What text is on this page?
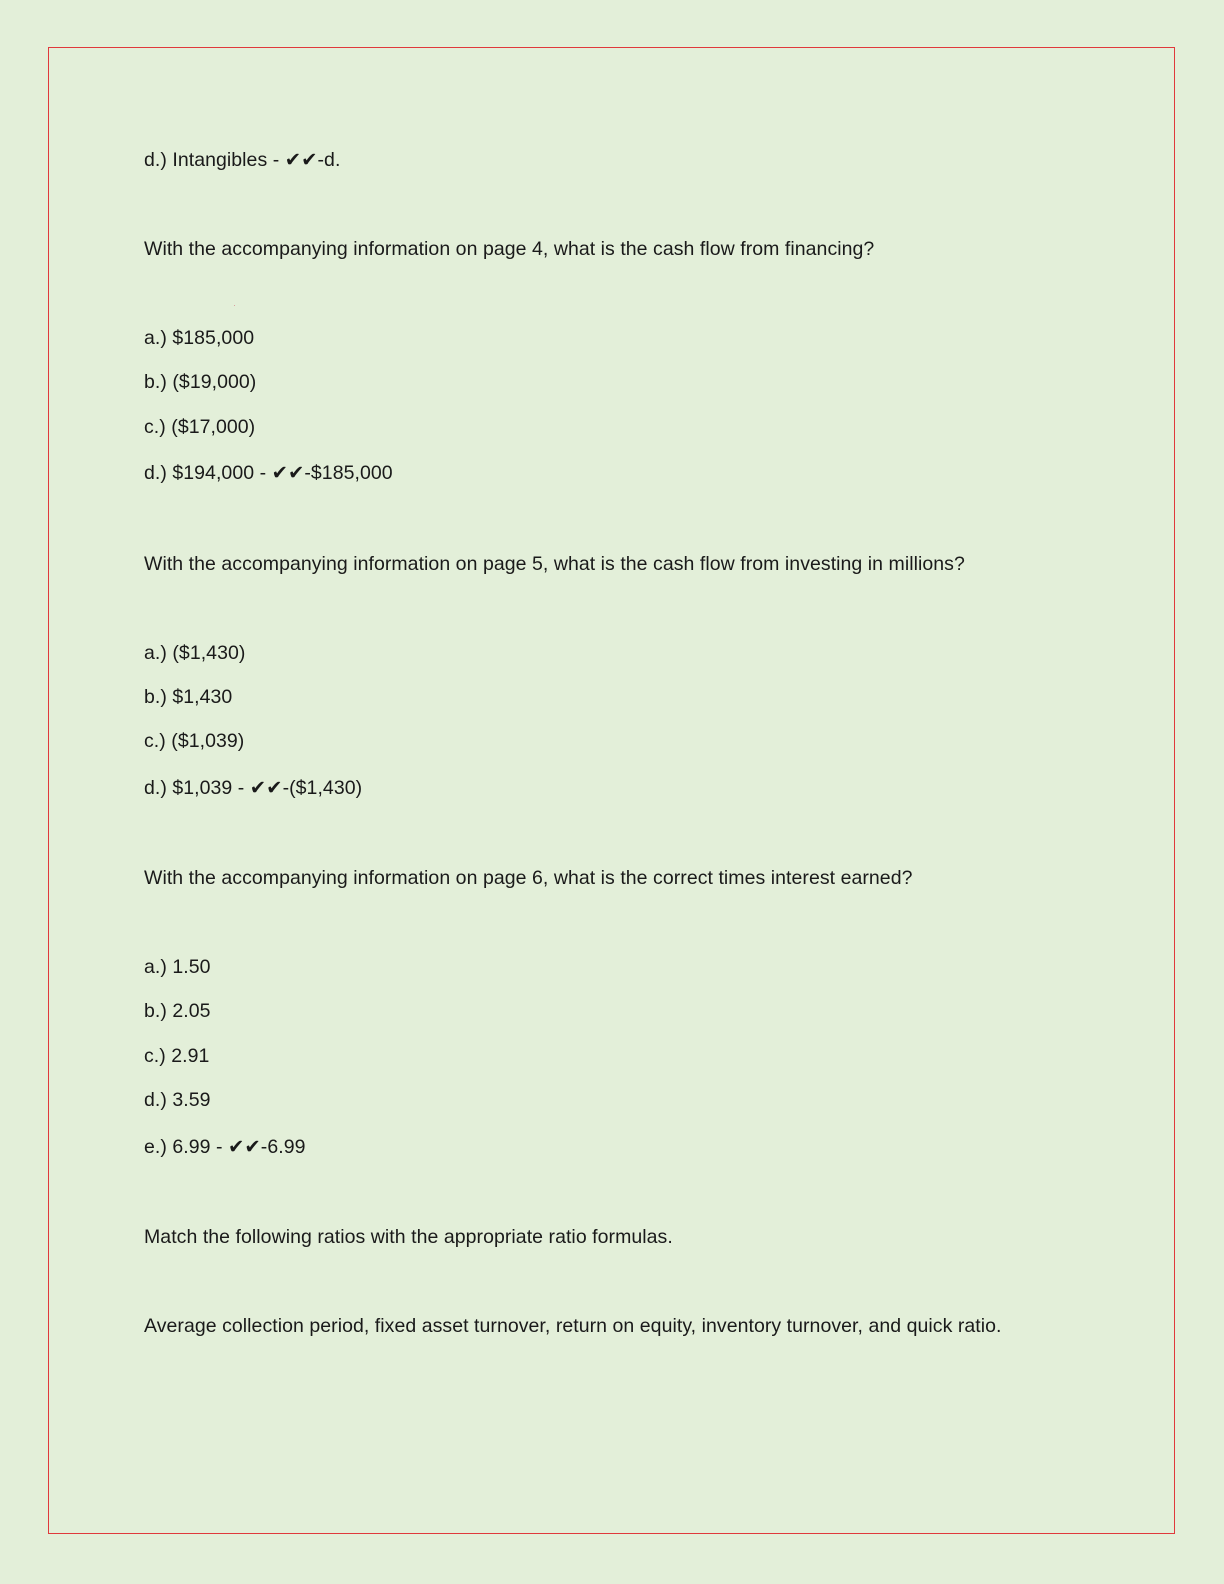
d.) Intangibles - ✔✔-d.
With the accompanying information on page 4, what is the cash flow from financing?
a.) $185,000
b.) ($19,000)
c.) ($17,000)
d.) $194,000 - ✔✔-$185,000
With the accompanying information on page 5, what is the cash flow from investing in millions?
a.) ($1,430)
b.) $1,430
c.) ($1,039)
d.) $1,039 - ✔✔-($1,430)
With the accompanying information on page 6, what is the correct times interest earned?
a.) 1.50
b.) 2.05
c.) 2.91
d.) 3.59
e.) 6.99 - ✔✔-6.99
Match the following ratios with the appropriate ratio formulas.
Average collection period, fixed asset turnover, return on equity, inventory turnover, and quick ratio.
